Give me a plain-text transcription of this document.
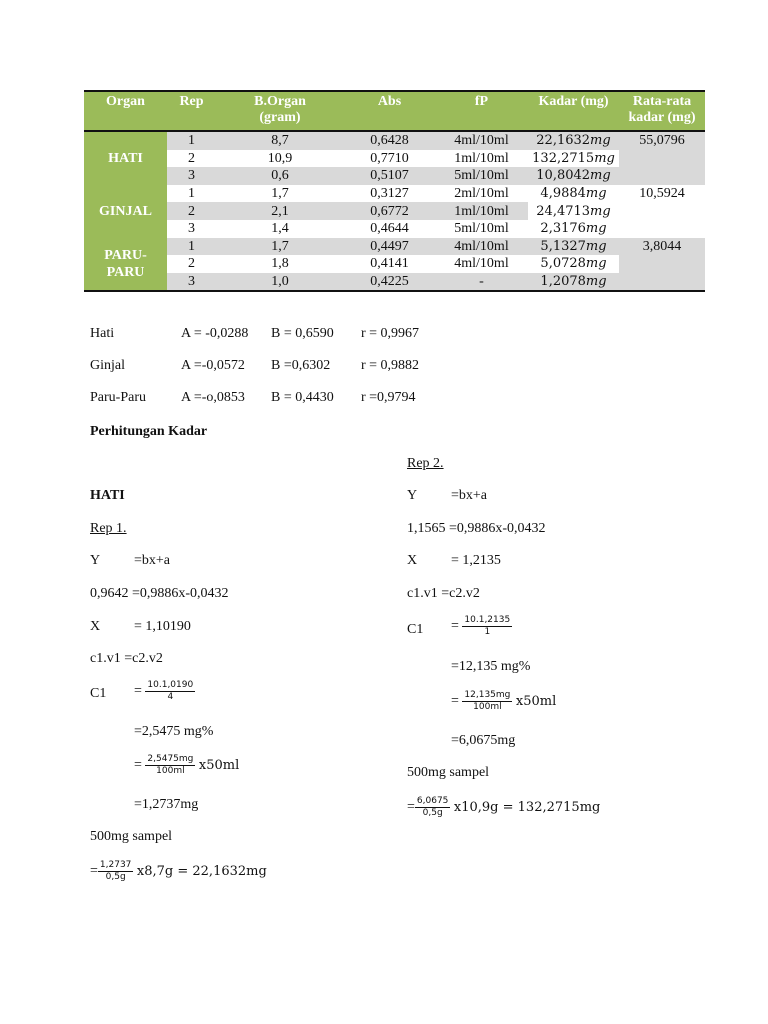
Organ	Rep	B.Organ
(gram)	Abs	fP	Kadar (mg)	Rata-rata
kadar (mg)
HATI	1	8,7	0,6428	4ml/10ml	22,1632mg	55,0796
	2	10,9	0,7710	1ml/10ml	132,2715mg	
	3	0,6	0,5107	5ml/10ml	10,8042mg	
GINJAL	1	1,7	0,3127	2ml/10ml	4,9884mg	10,5924
	2	2,1	0,6772	1ml/10ml	24,4713mg	
	3	1,4	0,4644	5ml/10ml	2,3176mg	
PARU-
PARU	1	1,7	0,4497	4ml/10ml	5,1327mg	3,8044
	2	1,8	0,4141	4ml/10ml	5,0728mg	
	3	1,0	0,4225	-	1,2078mg	
Hati	A = -0,0288 B = 0,6590 r = 0,9967
Ginjal	A =-0,0572 B =0,6302 r = 0,9882
Paru-Paru	A =-o,0853 B = 0,4430 r =0,9794
Perhitungan Kadar
HATI
Rep 1.
Y =bx+a
0,9642 =0,9886x-0,0432
X = 1,10190
c1.v1 =c2.v2
$C1 = \frac{10.1,0190}{4}$
=2,5475 mg%
= $\frac{2,5475mg}{100ml} x50ml$
=1,2737mg
500mg sampel
= $\frac{1,2737}{0,5g} x8,7g = 22,1632mg$
Rep 2.
Y =bx+a
1,1565 =0,9886x-0,0432
X = 1,2135
c1.v1 =c2.v2
$C1 = \frac{10.1,2135}{1}$
=12,135 mg%
= $\frac{12,135mg}{100ml} x50ml$
=6,0675mg
500mg sampel
= $\frac{6,0675}{0,5g} x10,9g = 132,2715mg$
